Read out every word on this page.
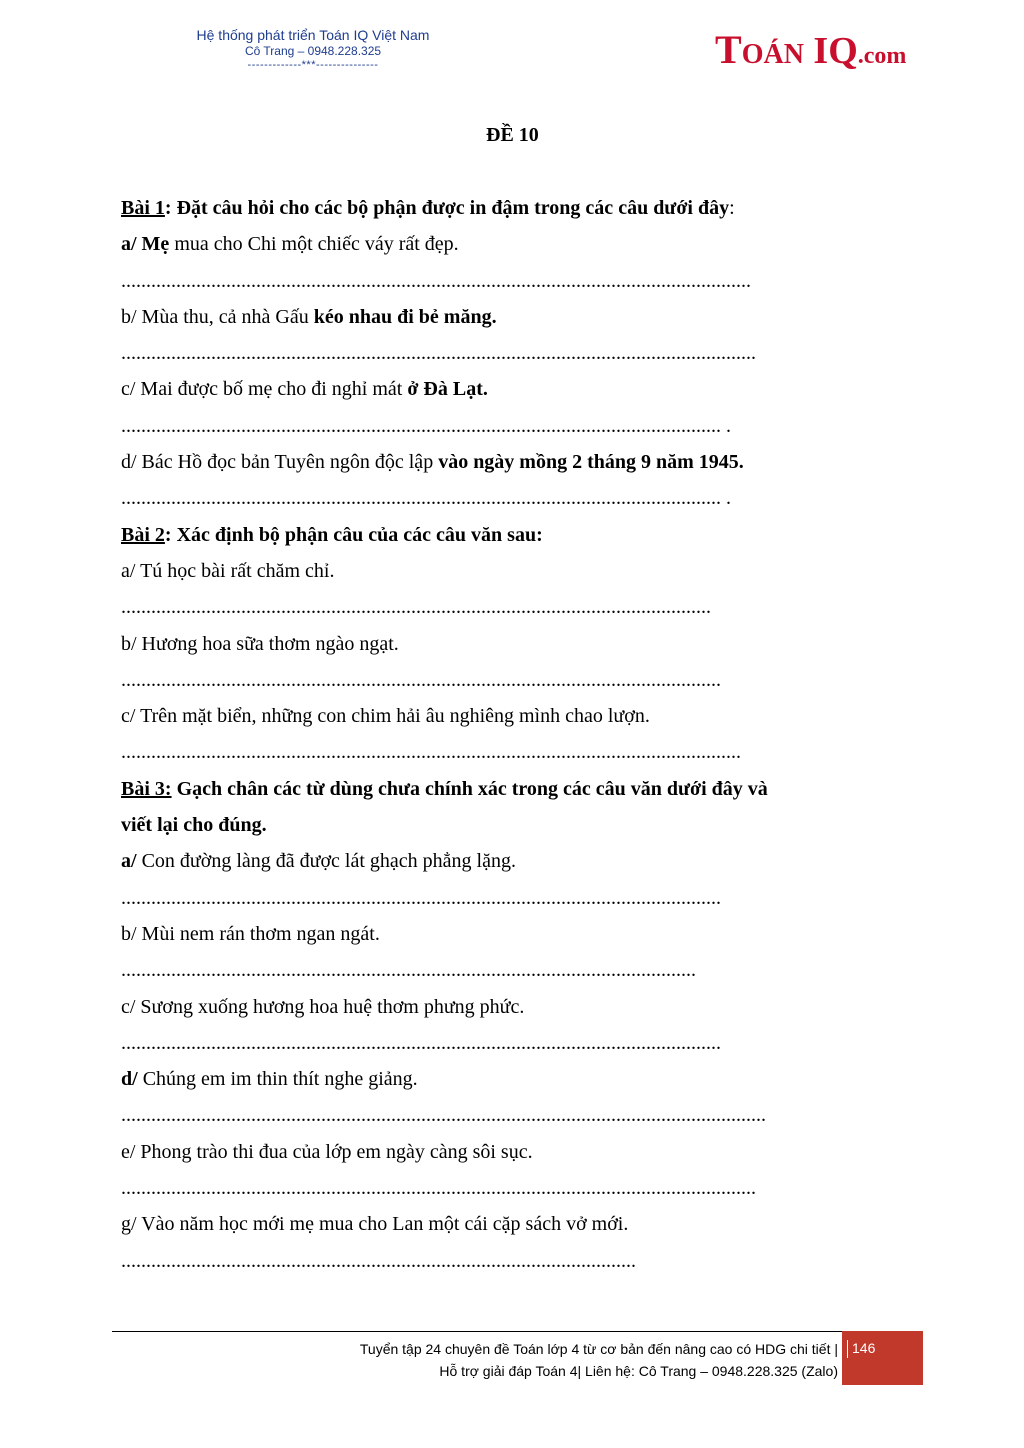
Hệ thống phát triển Toán IQ Việt Nam
Cô Trang – 0948.228.325
-------------***---------------	TOÁN IQ.com
ĐỀ 10
Bài 1: Đặt câu hỏi cho các bộ phận được in đậm trong các câu dưới đây:
a/ Mẹ mua cho Chi một chiếc váy rất đẹp.
..............................................................................................................................
b/ Mùa thu, cả nhà Gấu kéo nhau đi bẻ măng.
...............................................................................................................................
c/ Mai được bố mẹ cho đi nghỉ mát ở Đà Lạt.
........................................................................................................................ .
d/ Bác Hồ đọc bản Tuyên ngôn độc lập vào ngày mồng 2 tháng 9 năm 1945.
........................................................................................................................ .
Bài 2: Xác định bộ phận câu của các câu văn sau:
a/ Tú học bài rất chăm chỉ.
......................................................................................................................
b/ Hương hoa sữa thơm ngào ngạt.
........................................................................................................................
c/ Trên mặt biển, những con chim hải âu nghiêng mình chao lượn.
............................................................................................................................
Bài 3: Gạch chân các từ dùng chưa chính xác trong các câu văn dưới đây và
viết lại cho đúng.
a/ Con đường làng đã được lát ghạch phẳng lặng.
........................................................................................................................
b/ Mùi nem rán thơm ngan ngát.
...................................................................................................................
c/ Sương xuống hương hoa huệ thơm phưng phức.
........................................................................................................................
d/ Chúng em im thin thít nghe giảng.
.................................................................................................................................
e/ Phong trào thi đua của lớp em ngày càng sôi sục.
...............................................................................................................................
g/ Vào năm học mới mẹ mua cho Lan một cái cặp sách vở mới.
.......................................................................................................
Tuyển tập 24 chuyên đề Toán lớp 4 từ cơ bản đến nâng cao có HDG chi tiết |
Hỗ trợ giải đáp Toán 4| Liên hệ: Cô Trang – 0948.228.325 (Zalo)
146
